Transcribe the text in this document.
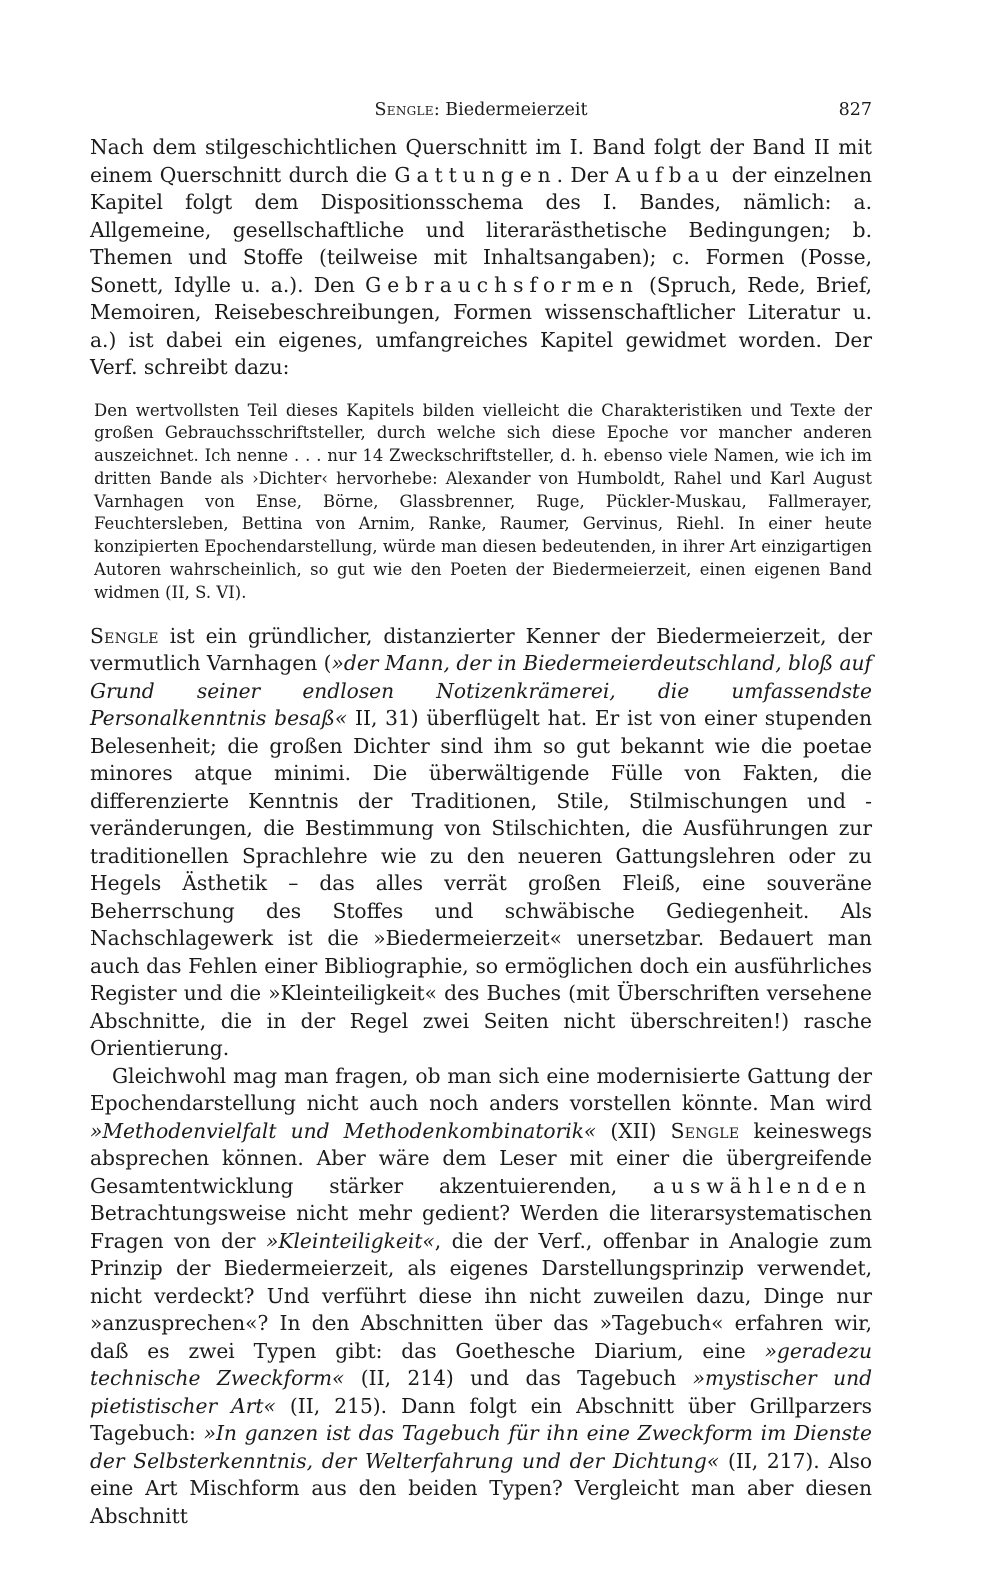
Sengle: Biedermeierzeit	827

Nach dem stilgeschichtlichen Querschnitt im I. Band folgt der Band II mit einem Querschnitt durch die Gattungen. Der Aufbau der einzelnen Kapitel folgt dem Dispositionsschema des I. Bandes, nämlich: a. Allgemeine, gesellschaftliche und literarästhetische Bedingungen; b. Themen und Stoffe (teilweise mit Inhaltsangaben); c. Formen (Posse, Sonett, Idylle u. a.). Den Gebrauchsformen (Spruch, Rede, Brief, Memoiren, Reisebeschreibungen, Formen wissenschaftlicher Literatur u. a.) ist dabei ein eigenes, umfangreiches Kapitel gewidmet worden. Der Verf. schreibt dazu:

Den wertvollsten Teil dieses Kapitels bilden vielleicht die Charakteristiken und Texte der großen Gebrauchsschriftsteller, durch welche sich diese Epoche vor mancher anderen auszeichnet. Ich nenne . . . nur 14 Zweckschriftsteller, d. h. ebenso viele Namen, wie ich im dritten Bande als ›Dichter‹ hervorhebe: Alexander von Humboldt, Rahel und Karl August Varnhagen von Ense, Börne, Glassbrenner, Ruge, Pückler-Muskau, Fallmerayer, Feuchtersleben, Bettina von Arnim, Ranke, Raumer, Gervinus, Riehl. In einer heute konzipierten Epochendarstellung, würde man diesen bedeutenden, in ihrer Art einzigartigen Autoren wahrscheinlich, so gut wie den Poeten der Biedermeierzeit, einen eigenen Band widmen (II, S. VI).

Sengle ist ein gründlicher, distanzierter Kenner der Biedermeierzeit, der vermutlich Varnhagen (»der Mann, der in Biedermeierdeutschland, bloß auf Grund seiner endlosen Notizenkrämerei, die umfassendste Personalkenntnis besaß« II, 31) überflügelt hat. Er ist von einer stupenden Belesenheit; die großen Dichter sind ihm so gut bekannt wie die poetae minores atque minimi. Die überwältigende Fülle von Fakten, die differenzierte Kenntnis der Traditionen, Stile, Stilmischungen und -veränderungen, die Bestimmung von Stilschichten, die Ausführungen zur traditionellen Sprachlehre wie zu den neueren Gattungslehren oder zu Hegels Ästhetik – das alles verrät großen Fleiß, eine souveräne Beherrschung des Stoffes und schwäbische Gediegenheit. Als Nachschlagewerk ist die »Biedermeierzeit« unersetzbar. Bedauert man auch das Fehlen einer Bibliographie, so ermöglichen doch ein ausführliches Register und die »Kleinteiligkeit« des Buches (mit Überschriften versehene Abschnitte, die in der Regel zwei Seiten nicht überschreiten!) rasche Orientierung.

Gleichwohl mag man fragen, ob man sich eine modernisierte Gattung der Epochendarstellung nicht auch noch anders vorstellen könnte. Man wird »Methodenvielfalt und Methodenkombinatorik« (XII) Sengle keineswegs absprechen können. Aber wäre dem Leser mit einer die übergreifende Gesamtentwicklung stärker akzentuierenden, auswählenden Betrachtungsweise nicht mehr gedient? Werden die literarsystematischen Fragen von der »Kleinteiligkeit«, die der Verf., offenbar in Analogie zum Prinzip der Biedermeierzeit, als eigenes Darstellungsprinzip verwendet, nicht verdeckt? Und verführt diese ihn nicht zuweilen dazu, Dinge nur »anzusprechen«? In den Abschnitten über das »Tagebuch« erfahren wir, daß es zwei Typen gibt: das Goethesche Diarium, eine »geradezu technische Zweckform« (II, 214) und das Tagebuch »mystischer und pietistischer Art« (II, 215). Dann folgt ein Abschnitt über Grillparzers Tagebuch: »In ganzen ist das Tagebuch für ihn eine Zweckform im Dienste der Selbsterkenntnis, der Welterfahrung und der Dichtung« (II, 217). Also eine Art Mischform aus den beiden Typen? Vergleicht man aber diesen Abschnitt
